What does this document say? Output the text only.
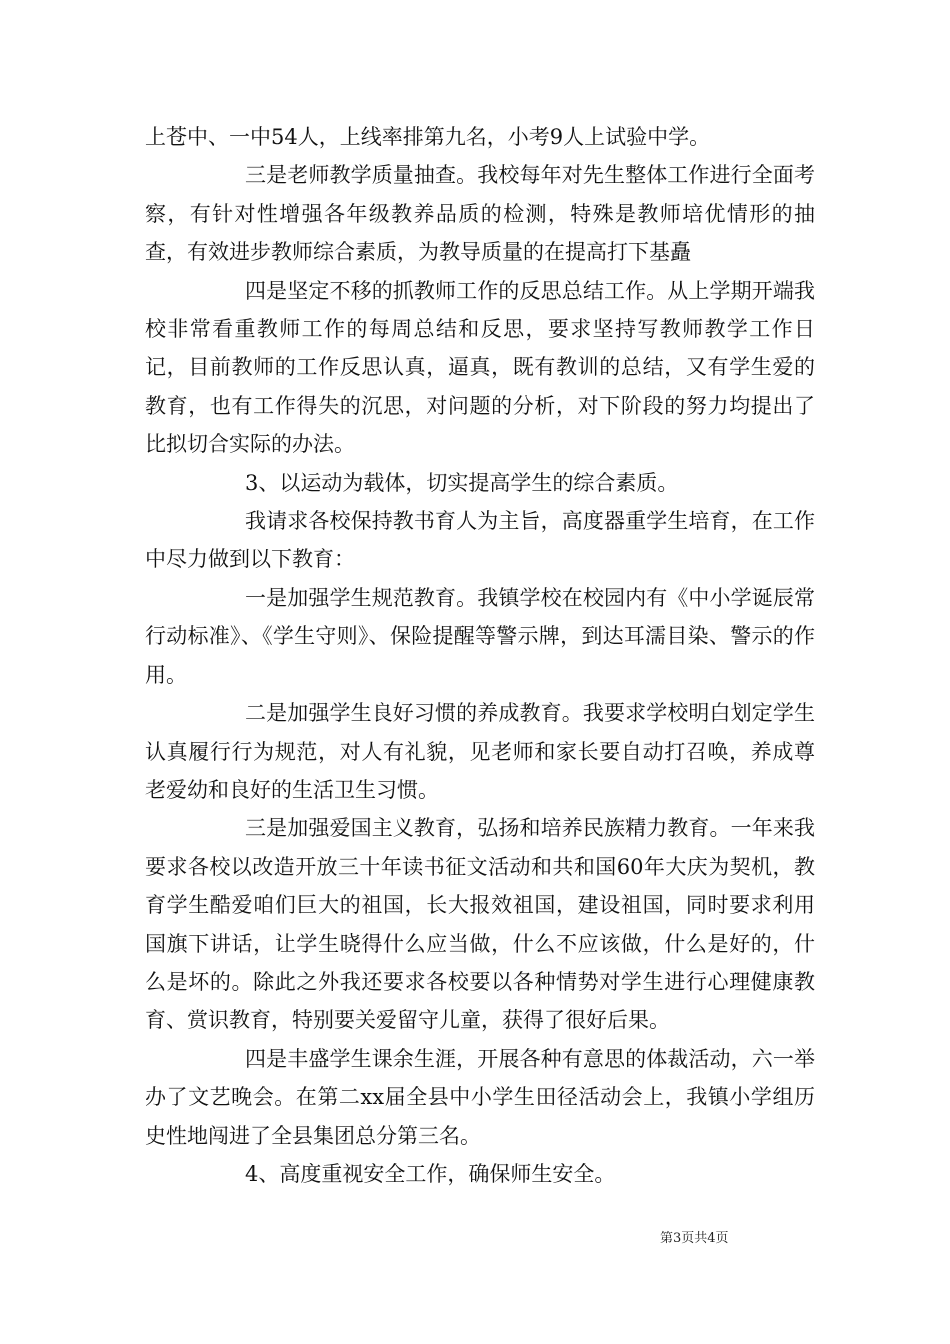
上苍中、一中54人，上线率排第九名，小考9人上试验中学。

三是老师教学质量抽查。我校每年对先生整体工作进行全面考察，有针对性增强各年级教养品质的检测，特殊是教师培优情形的抽查，有效进步教师综合素质，为教导质量的在提高打下基矗

四是坚定不移的抓教师工作的反思总结工作。从上学期开端我校非常看重教师工作的每周总结和反思，要求坚持写教师教学工作日记，目前教师的工作反思认真，逼真，既有教训的总结，又有学生爱的教育，也有工作得失的沉思，对问题的分析，对下阶段的努力均提出了比拟切合实际的办法。

3、以运动为载体，切实提高学生的综合素质。

我请求各校保持教书育人为主旨，高度器重学生培育，在工作中尽力做到以下教育：

一是加强学生规范教育。我镇学校在校园内有《中小学诞辰常行动标准》、《学生守则》、保险提醒等警示牌，到达耳濡目染、警示的作用。

二是加强学生良好习惯的养成教育。我要求学校明白划定学生认真履行行为规范，对人有礼貌，见老师和家长要自动打召唤，养成尊老爱幼和良好的生活卫生习惯。

三是加强爱国主义教育，弘扬和培养民族精力教育。一年来我要求各校以改造开放三十年读书征文活动和共和国60年大庆为契机，教育学生酷爱咱们巨大的祖国，长大报效祖国，建设祖国，同时要求利用国旗下讲话，让学生晓得什么应当做，什么不应该做，什么是好的，什么是坏的。除此之外我还要求各校要以各种情势对学生进行心理健康教育、赏识教育，特别要关爱留守儿童，获得了很好后果。

四是丰盛学生课余生涯，开展各种有意思的体裁活动，六一举办了文艺晚会。在第二xx届全县中小学生田径活动会上，我镇小学组历史性地闯进了全县集团总分第三名。

4、高度重视安全工作，确保师生安全。

第3页共4页
